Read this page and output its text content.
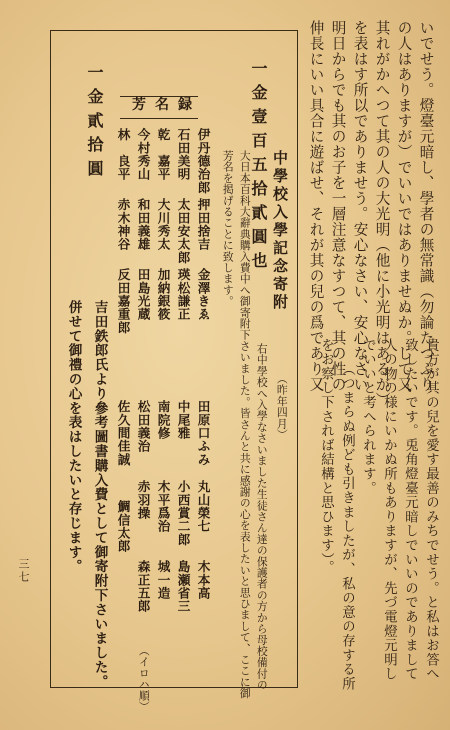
いでせう。燈臺元暗し、學者の無常識（勿論たつぷり
の人はありますが）でいいではありませぬか。して又
其れがかへつて其の人の大光明（他に小光明はあるが）
を表はす所以でありませう。安心なさい、安心なさい
明日からでも其のお子を一層注意なすつて、其の性の
伸長にいい具合に遊ばせ、それが其の兒の爲であり又
貴方が其の兒を愛す最善のみちでせう。と私はお答へ
致したいです。兎角燈臺元暗しでいいのでありまして
人の物の様にいかぬ所もありますが、先づ電燈元明し
でいいと考へられます。
（つまらぬ例ども引きましたが、私の意の存する所
をお察し下されば結構と思ひます）。
中學校入學記念寄附
（昨年四月）
一金壹百五拾貳圓也
右中學校へ入學なさいました生徒さん達の保護者の方から母校備付の
大日本百科大辭典購入費中へ御寄附下さいました。皆さんと共に感謝の心を表したいと思ひまして、ここに御
芳名を掲げることに致します。
芳名録
伊丹德治郎
押田捨吉
金澤きゑ
石田美明
太田安太郎
瑛松謙正
乾　嘉平
大川秀太
加納銀筱
今村秀山
和田義雄
田島光蔵
林　良平
赤木神谷
反田嘉重郎
田原口ふみ
丸山榮七
木本高
中尾雅
小西賞二郎
島瀬省三
南院修
木平爲治
城一造
松田義治
赤羽操
森正五郎
佐久間佳誠
鯛信太郎
（イロハ順）
一金貳拾圓
吉田鉄郎氏より參考圖書購入費として御寄附下さいました。
併せて御禮の心を表はしたいと存じます。
三七
